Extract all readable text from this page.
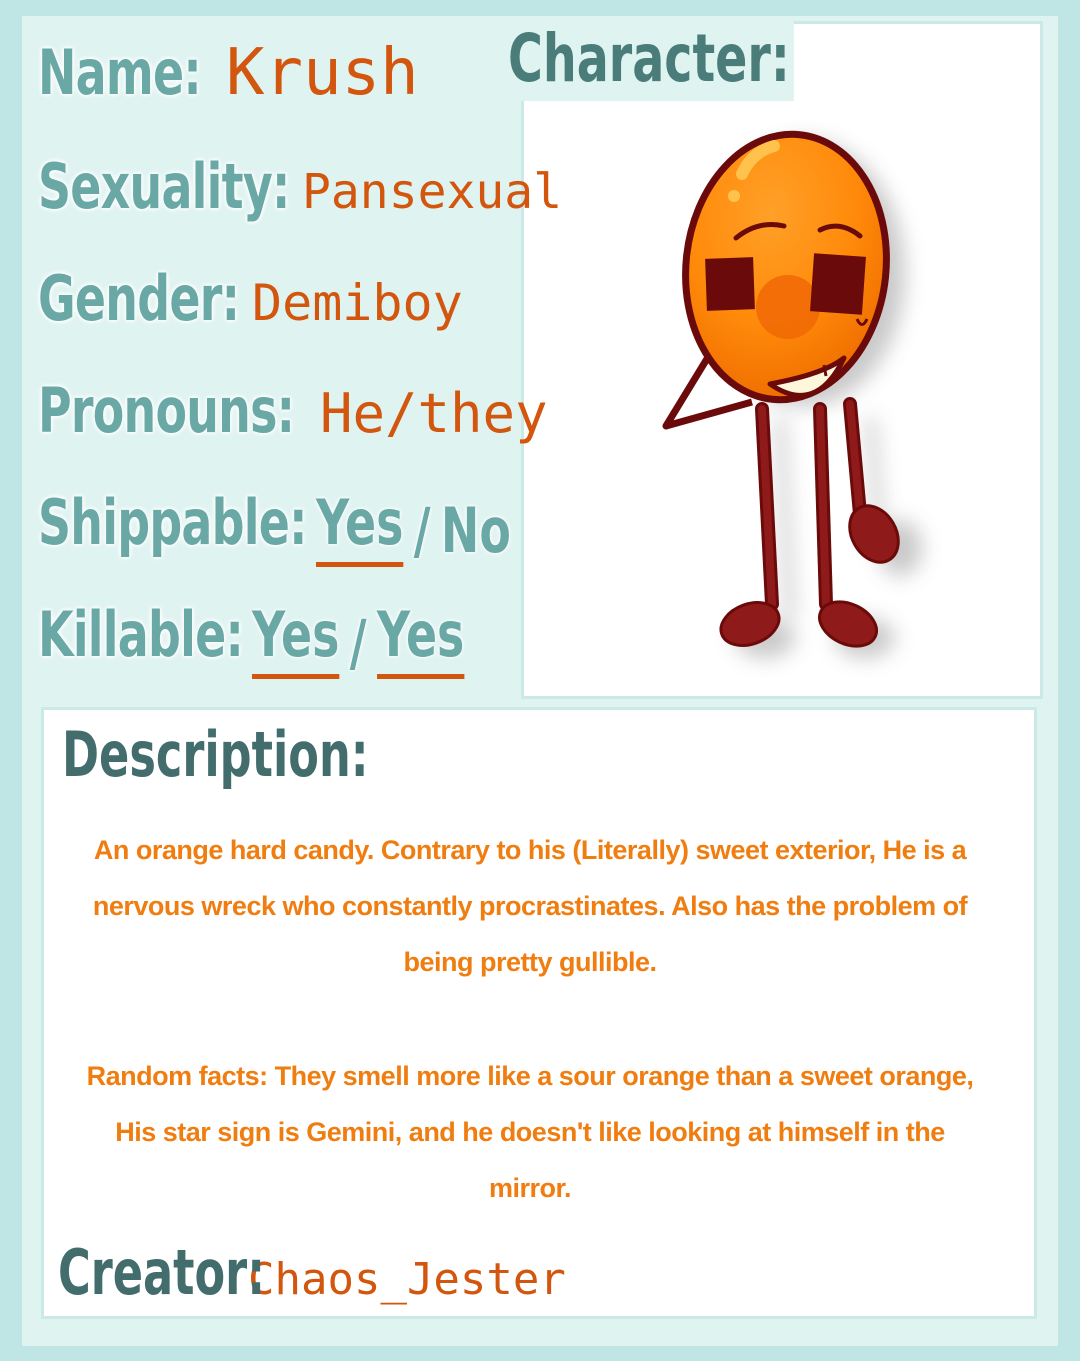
Character:
Name: Krush
Sexuality: Pansexual
Gender: Demiboy
Pronouns: He/they
Shippable: Yes / No
Killable: Yes / Yes
Description:
An orange hard candy. Contrary to his (Literally) sweet exterior, He is a nervous wreck who constantly procrastinates. Also has the problem of being pretty gullible.
Random facts: They smell more like a sour orange than a sweet orange, His star sign is Gemini, and he doesn't like looking at himself in the mirror.
Creator:
Chaos_Jester
